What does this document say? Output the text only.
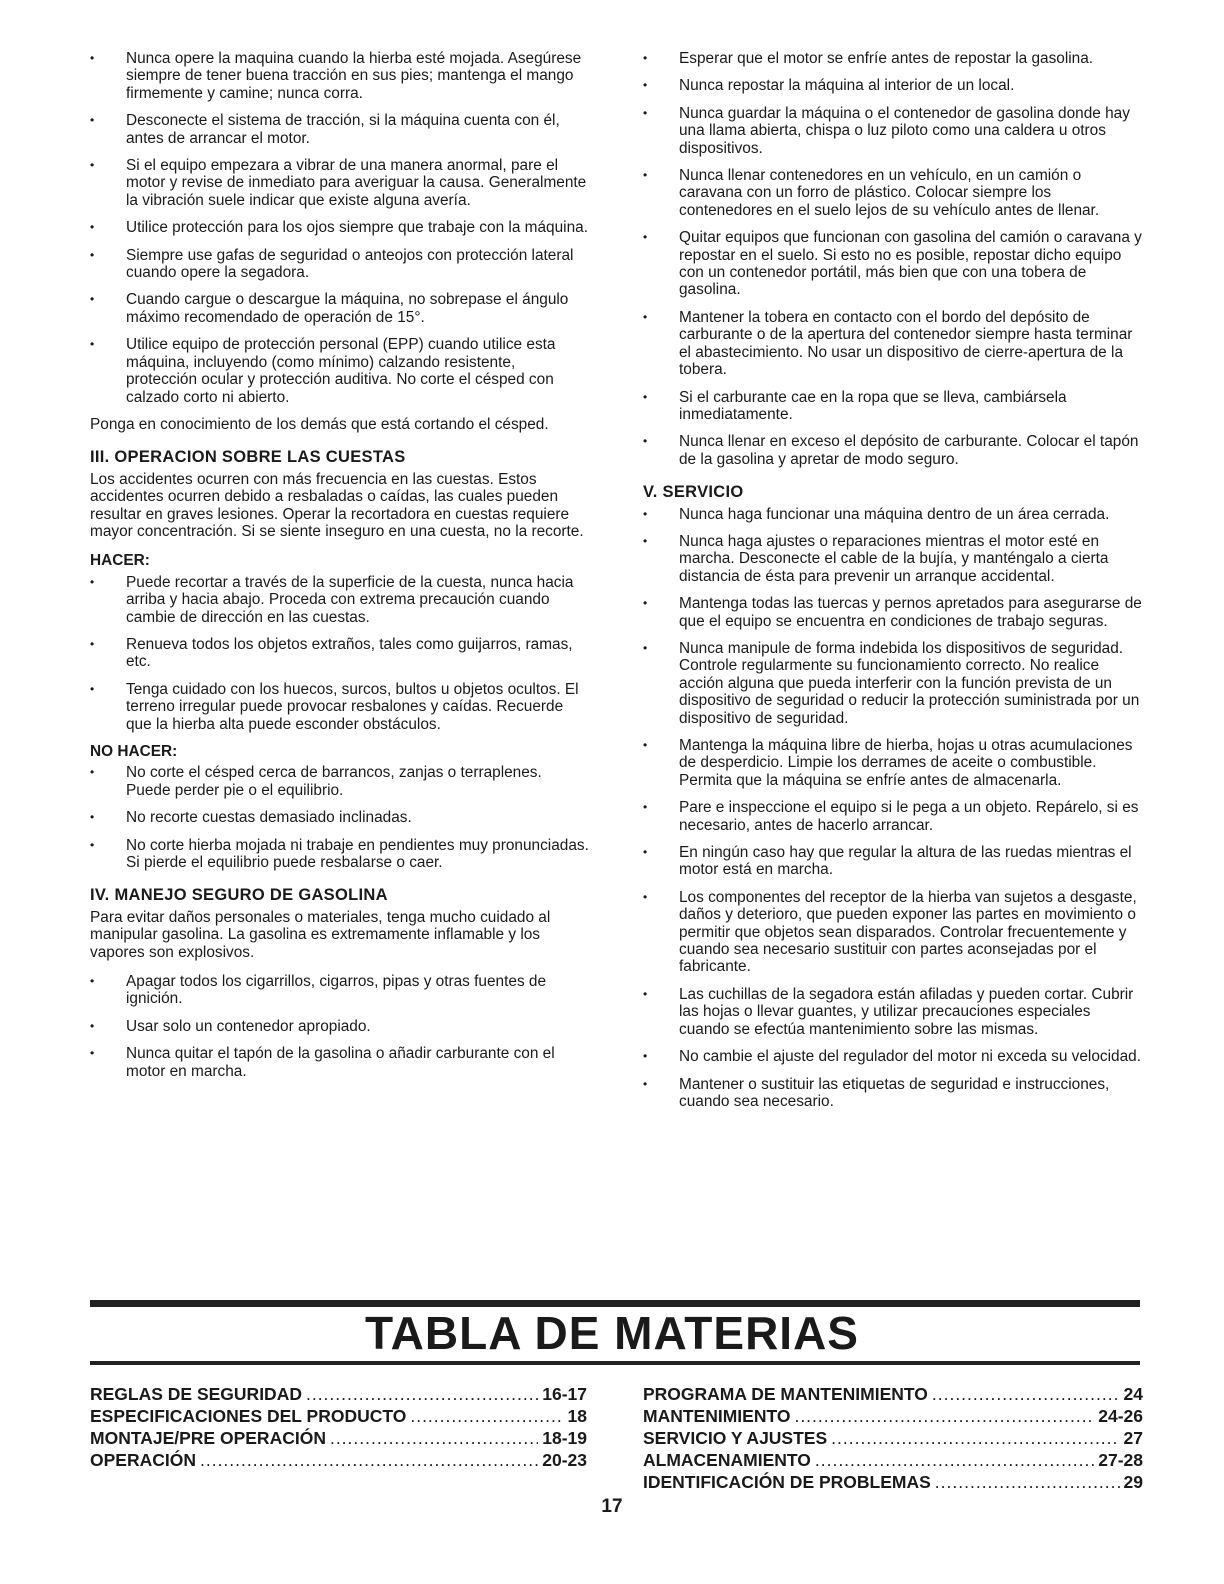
• Nunca opere la maquina cuando la hierba esté mojada. Asegúrese siempre de tener buena tracción en sus pies; mantenga el mango firmemente y camine; nunca corra.
• Desconecte el sistema de tracción, si la máquina cuenta con él, antes de arrancar el motor.
• Si el equipo empezara a vibrar de una manera anormal, pare el motor y revise de inmediato para averiguar la causa. Generalmente la vibración suele indicar que existe alguna avería.
• Utilice protección para los ojos siempre que trabaje con la máquina.
• Siempre use gafas de seguridad o anteojos con protección lateral cuando opere la segadora.
• Cuando cargue o descargue la máquina, no sobrepase el ángulo máximo recomendado de operación de 15°.
• Utilice equipo de protección personal (EPP) cuando utilice esta máquina, incluyendo (como mínimo) calzando resistente, protección ocular y protección auditiva. No corte el césped con calzado corto ni abierto.

Ponga en conocimiento de los demás que está cortando el césped.

III. OPERACION SOBRE LAS CUESTAS

Los accidentes ocurren con más frecuencia en las cuestas. Estos accidentes ocurren debido a resbaladas o caídas, las cuales pueden resultar en graves lesiones. Operar la recortadora en cuestas requiere mayor concentración. Si se siente inseguro en una cuesta, no la recorte.

HACER:
• Puede recortar a través de la superficie de la cuesta, nunca hacia arriba y hacia abajo. Proceda con extrema precaución cuando cambie de dirección en las cuestas.
• Renueva todos los objetos extraños, tales como guijarros, ramas, etc.
• Tenga cuidado con los huecos, surcos, bultos u objetos ocultos. El terreno irregular puede provocar resbalones y caídas. Recuerde que la hierba alta puede esconder obstáculos.
NO HACER:
• No corte el césped cerca de barrancos, zanjas o terraplenes. Puede perder pie o el equilibrio.
• No recorte cuestas demasiado inclinadas.
• No corte hierba mojada ni trabaje en pendientes muy pronunciadas. Si pierde el equilibrio puede resbalarse o caer.
IV. MANEJO SEGURO DE GASOLINA

Para evitar daños personales o materiales, tenga mucho cuidado al manipular gasolina. La gasolina es extremamente inflamable y los vapores son explosivos.

• Apagar todos los cigarrillos, cigarros, pipas y otras fuentes de ignición.
• Usar solo un contenedor apropiado.
• Nunca quitar el tapón de la gasolina o añadir carburante con el motor en marcha.
• Esperar que el motor se enfríe antes de repostar la gasolina.
• Nunca repostar la máquina al interior de un local.
• Nunca guardar la máquina o el contenedor de gasolina donde hay una llama abierta, chispa o luz piloto como una caldera u otros dispositivos.
• Nunca llenar contenedores en un vehículo, en un camión o caravana con un forro de plástico. Colocar siempre los contenedores en el suelo lejos de su vehículo antes de llenar.
• Quitar equipos que funcionan con gasolina del camión o caravana y repostar en el suelo. Si esto no es posible, repostar dicho equipo con un contenedor portátil, más bien que con una tobera de gasolina.
• Mantener la tobera en contacto con el bordo del depósito de carburante o de la apertura del contenedor siempre hasta terminar el abastecimiento. No usar un dispositivo de cierre-apertura de la tobera.
• Si el carburante cae en la ropa que se lleva, cambiársela inmediatamente.
• Nunca llenar en exceso el depósito de carburante. Colocar el tapón de la gasolina y apretar de modo seguro.
V. SERVICIO
• Nunca haga funcionar una máquina dentro de un área cerrada.
• Nunca haga ajustes o reparaciones mientras el motor esté en marcha. Desconecte el cable de la bujía, y manténgalo a cierta distancia de ésta para prevenir un arranque accidental.
• Mantenga todas las tuercas y pernos apretados para asegurarse de que el equipo se encuentra en condiciones de trabajo seguras.
• Nunca manipule de forma indebida los dispositivos de seguridad. Controle regularmente su funcionamiento correcto. No realice acción alguna que pueda interferir con la función prevista de un dispositivo de seguridad o reducir la protección suministrada por un dispositivo de seguridad.
• Mantenga la máquina libre de hierba, hojas u otras acumulaciones de desperdicio. Limpie los derrames de aceite o combustible. Permita que la máquina se enfríe antes de almacenarla.
• Pare e inspeccione el equipo si le pega a un objeto. Repárelo, si es necesario, antes de hacerlo arrancar.
• En ningún caso hay que regular la altura de las ruedas mientras el motor está en marcha.
• Los componentes del receptor de la hierba van sujetos a desgaste, daños y deterioro, que pueden exponer las partes en movimiento o permitir que objetos sean disparados. Controlar frecuentemente y cuando sea necesario sustituir con partes aconsejadas por el fabricante.
• Las cuchillas de la segadora están afiladas y pueden cortar. Cubrir las hojas o llevar guantes, y utilizar precauciones especiales cuando se efectúa mantenimiento sobre las mismas.
• No cambie el ajuste del regulador del motor ni exceda su velocidad.
• Mantener o sustituir las etiquetas de seguridad e instrucciones, cuando sea necesario.
TABLA DE MATERIAS
REGLAS DE SEGURIDAD .....	16-17
ESPECIFICACIONES DEL PRODUCTO .....	18
MONTAJE/PRE OPERACIÓN .....	18-19
OPERACIÓN .....	20-23
PROGRAMA DE MANTENIMIENTO .....	24
MANTENIMIENTO .....	24-26
SERVICIO Y AJUSTES .....	27
ALMACENAMIENTO .....	27-28
IDENTIFICACIÓN DE PROBLEMAS .....	29
17
